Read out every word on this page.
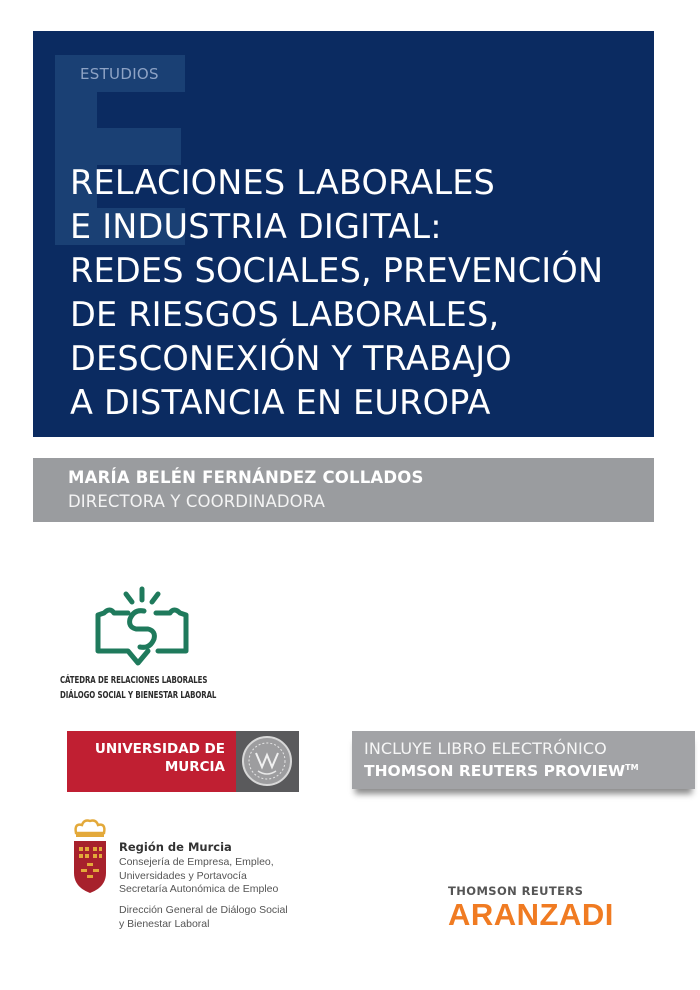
ESTUDIOS
RELACIONES LABORALES
E INDUSTRIA DIGITAL:
REDES SOCIALES, PREVENCIÓN
DE RIESGOS LABORALES,
DESCONEXIÓN Y TRABAJO
A DISTANCIA EN EUROPA
MARÍA BELÉN FERNÁNDEZ COLLADOS
DIRECTORA Y COORDINADORA
CÁTEDRA DE RELACIONES LABORALES
DIÁLOGO SOCIAL Y BIENESTAR LABORAL
UNIVERSIDAD DE
MURCIA
INCLUYE LIBRO ELECTRÓNICO
THOMSON REUTERS PROVIEW™
Región de Murcia
Consejería de Empresa, Empleo,
Universidades y Portavocía
Secretaría Autonómica de Empleo
Dirección General de Diálogo Social
y Bienestar Laboral
THOMSON REUTERS
ARANZADI
